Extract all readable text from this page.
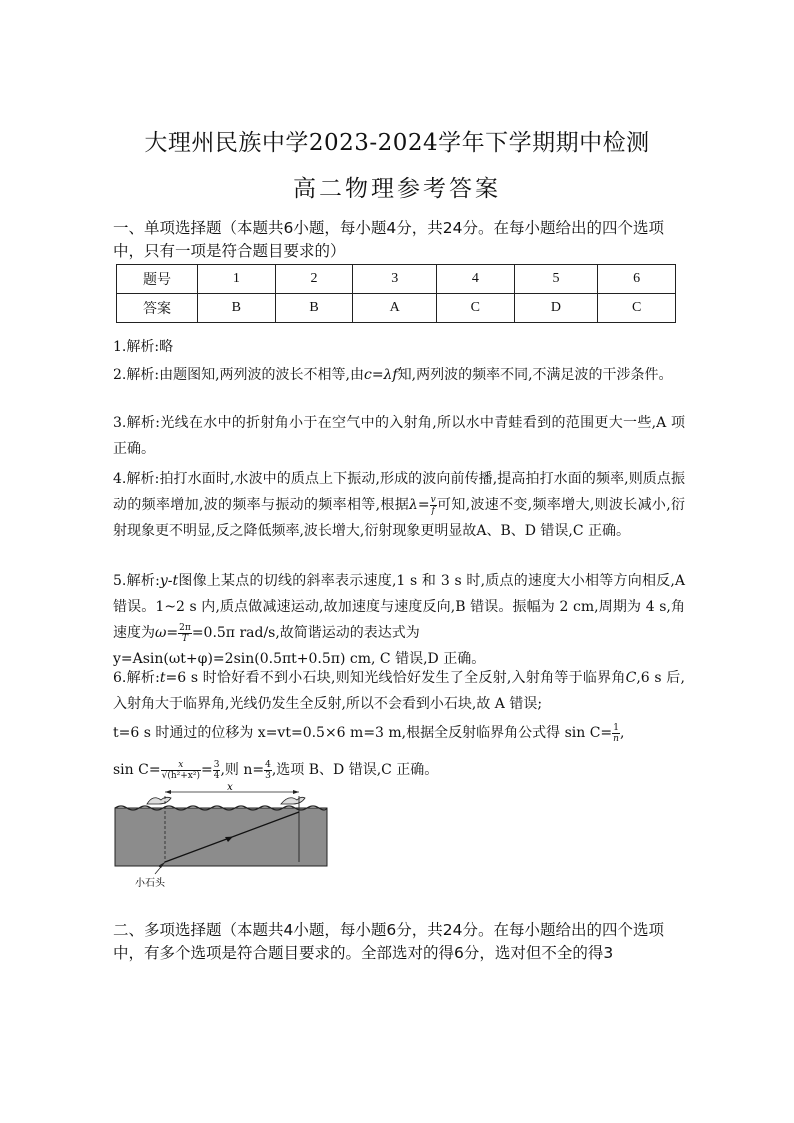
大理州民族中学2023-2024学年下学期期中检测
高二物理参考答案
一、单项选择题（本题共6小题，每小题4分，共24分。在每小题给出的四个选项中，只有一项是符合题目要求的）
题号	1	2	3	4	5	6
答案	B	B	A	C	D	C
1.解析:略
2.解析:由题图知,两列波的波长不相等,由c=λf知,两列波的频率不同,不满足波的干涉条件。
3.解析:光线在水中的折射角小于在空气中的入射角,所以水中青蛙看到的范围更大一些,A 项正确。
4.解析:拍打水面时,水波中的质点上下振动,形成的波向前传播,提高拍打水面的频率,则质点振动的频率增加,波的频率与振动的频率相等,根据$\lambda= \frac{v}{f}$ 可知,波速不变,频率增大,则波长减小,衍射现象更不明显,反之降低频率,波长增大,衍射现象更明显故A、B、D 错误,C 正确。
5.解析:y-t图像上某点的切线的斜率表示速度,1 s 和 3 s 时,质点的速度大小相等方向相反,A 错误。1~2 s 内,质点做减速运动,故加速度与速度反向,B 错误。振幅为 2 cm,周期为 4 s,角速度为$\omega= \frac{2\pi}{T} =0.5\pi$ rad/s,故简谐运动的表达式为
y=Asin(ωt+φ)=2sin(0.5πt+0.5π) cm, C 错误,D 正确。
6.解析:t=6 s 时恰好看不到小石块,则知光线恰好发生了全反射,入射角等于临界角C,6 s 后,入射角大于临界角,光线仍发生全反射,所以不会看到小石块,故 A 错误;
t=6 s 时通过的位移为 x=vt=0.5×6 m=3 m,根据全反射临界角公式得 $\sin C= \frac{1}{n}$ ,
$\sin C= \frac{x}{\text{√(h²+x²)}} = \frac{3}{4}$ ,则 $n= \frac{4}{3}$ ,选项 B、D 错误,C 正确。
x
小石头
二、多项选择题（本题共4小题，每小题6分，共24分。在每小题给出的四个选项中，有多个选项是符合题目要求的。全部选对的得6分，选对但不全的得3
